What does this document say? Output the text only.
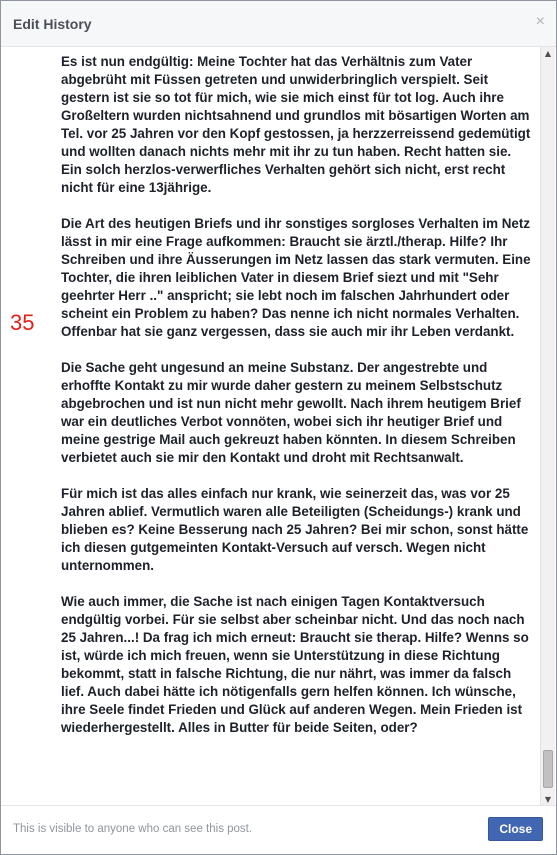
Edit History	×
35

Es ist nun endgültig: Meine Tochter hat das Verhältnis zum Vater abgebrüht mit Füssen getreten und unwiderbringlich verspielt. Seit gestern ist sie so tot für mich, wie sie mich einst für tot log. Auch ihre Großeltern wurden nichtsahnend und grundlos mit bösartigen Worten am Tel. vor 25 Jahren vor den Kopf gestossen, ja herzzerreissend gedemütigt und wollten danach nichts mehr mit ihr zu tun haben. Recht hatten sie. Ein solch herzlos-verwerfliches Verhalten gehört sich nicht, erst recht nicht für eine 13jährige.

Die Art des heutigen Briefs und ihr sonstiges sorgloses Verhalten im Netz lässt in mir eine Frage aufkommen: Braucht sie ärztl./therap. Hilfe? Ihr Schreiben und ihre Äusserungen im Netz lassen das stark vermuten. Eine Tochter, die ihren leiblichen Vater in diesem Brief siezt und mit "Sehr geehrter Herr .." anspricht; sie lebt noch im falschen Jahrhundert oder scheint ein Problem zu haben? Das nenne ich nicht normales Verhalten. Offenbar hat sie ganz vergessen, dass sie auch mir ihr Leben verdankt.

Die Sache geht ungesund an meine Substanz. Der angestrebte und erhoffte Kontakt zu mir wurde daher gestern zu meinem Selbstschutz abgebrochen und ist nun nicht mehr gewollt. Nach ihrem heutigem Brief war ein deutliches Verbot vonnöten, wobei sich ihr heutiger Brief und meine gestrige Mail auch gekreuzt haben könnten. In diesem Schreiben verbietet auch sie mir den Kontakt und droht mit Rechtsanwalt.

Für mich ist das alles einfach nur krank, wie seinerzeit das, was vor 25 Jahren ablief. Vermutlich waren alle Beteiligten (Scheidungs-) krank und blieben es? Keine Besserung nach 25 Jahren? Bei mir schon, sonst hätte ich diesen gutgemeinten Kontakt-Versuch auf versch. Wegen nicht unternommen.

Wie auch immer, die Sache ist nach einigen Tagen Kontaktversuch endgültig vorbei. Für sie selbst aber scheinbar nicht. Und das noch nach 25 Jahren...! Da frag ich mich erneut: Braucht sie therap. Hilfe? Wenns so ist, würde ich mich freuen, wenn sie Unterstützung in diese Richtung bekommt, statt in falsche Richtung, die nur nährt, was immer da falsch lief. Auch dabei hätte ich nötigenfalls gern helfen können. Ich wünsche, ihre Seele findet Frieden und Glück auf anderen Wegen. Mein Frieden ist wiederhergestellt. Alles in Butter für beide Seiten, oder?

▲
▼
This is visible to anyone who can see this post.	Close
